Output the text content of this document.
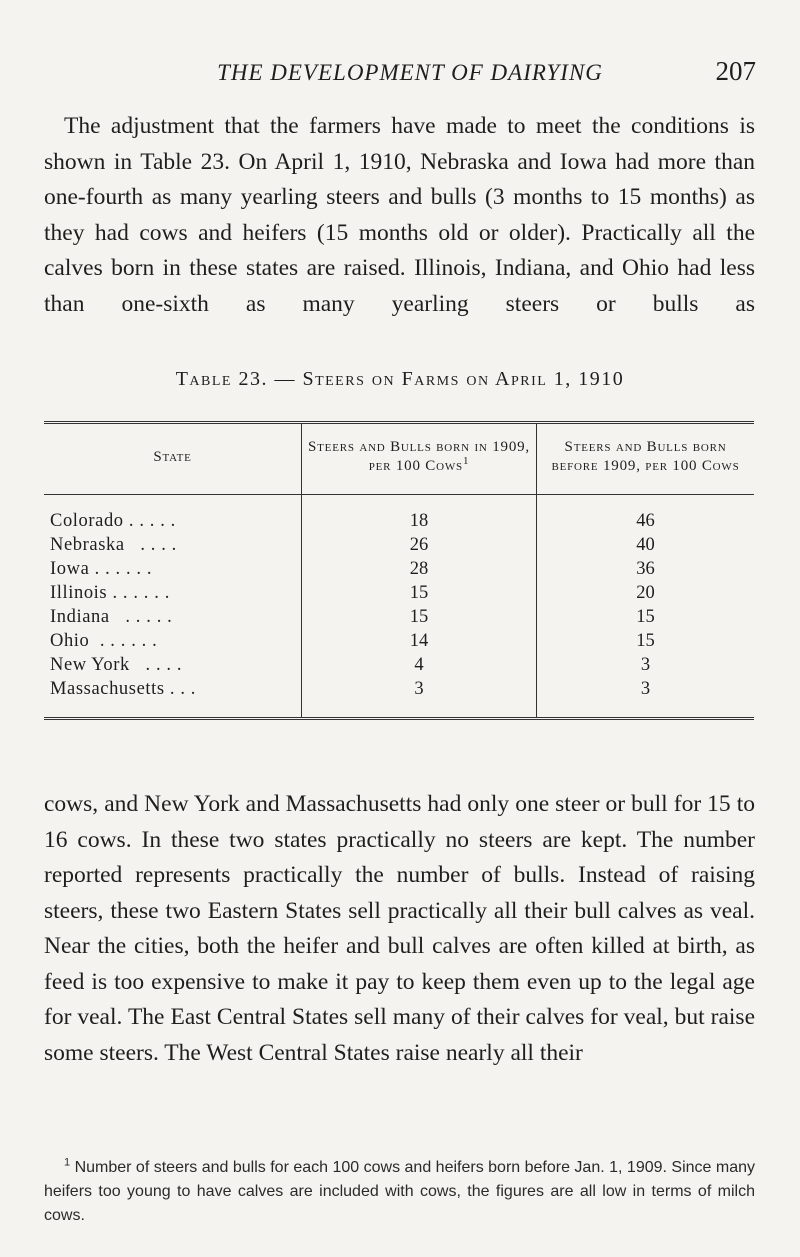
THE DEVELOPMENT OF DAIRYING	207
The adjustment that the farmers have made to meet the conditions is shown in Table 23. On April 1, 1910, Nebraska and Iowa had more than one-fourth as many yearling steers and bulls (3 months to 15 months) as they had cows and heifers (15 months old or older). Practically all the calves born in these states are raised. Illinois, Indiana, and Ohio had less than one-sixth as many yearling steers or bulls as
Table 23. — Steers on Farms on April 1, 1910

State	Steers and Bulls born in 1909, per 100 Cows$^1$	Steers and Bulls born before 1909, per 100 Cows
Colorado . . . . .	18	46
Nebraska   . . . .	26	40
Iowa . . . . . .	28	36
Illinois . . . . . .	15	20
Indiana   . . . . .	15	15
Ohio  . . . . . .	14	15
New York   . . . .	4	3
Massachusetts . . .	3	3

cows, and New York and Massachusetts had only one steer or bull for 15 to 16 cows. In these two states practically no steers are kept. The number reported represents practically the number of bulls. Instead of raising steers, these two Eastern States sell practically all their bull calves as veal. Near the cities, both the heifer and bull calves are often killed at birth, as feed is too expensive to make it pay to keep them even up to the legal age for veal. The East Central States sell many of their calves for veal, but raise some steers. The West Central States raise nearly all their
$^1$ Number of steers and bulls for each 100 cows and heifers born before Jan. 1, 1909. Since many heifers too young to have calves are included with cows, the figures are all low in terms of milch cows.
